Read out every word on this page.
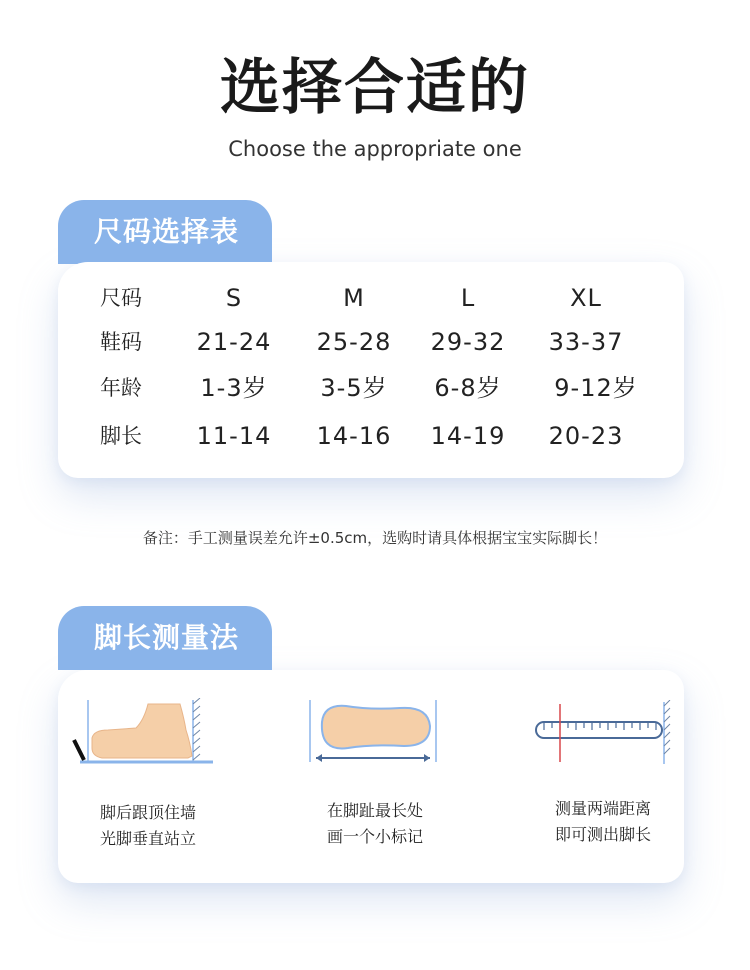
选择合适的
Choose the appropriate one
尺码选择表
尺码	S	M	L	XL
鞋码	21-24	25-28	29-32	33-37
年龄	1-3岁	3-5岁	6-8岁	9-12岁
脚长	11-14	14-16	14-19	20-23
备注：手工测量误差允许±0.5cm，选购时请具体根据宝宝实际脚长！
脚长测量法
脚后跟顶住墙
光脚垂直站立
在脚趾最长处
画一个小标记
测量两端距离
即可测出脚长
